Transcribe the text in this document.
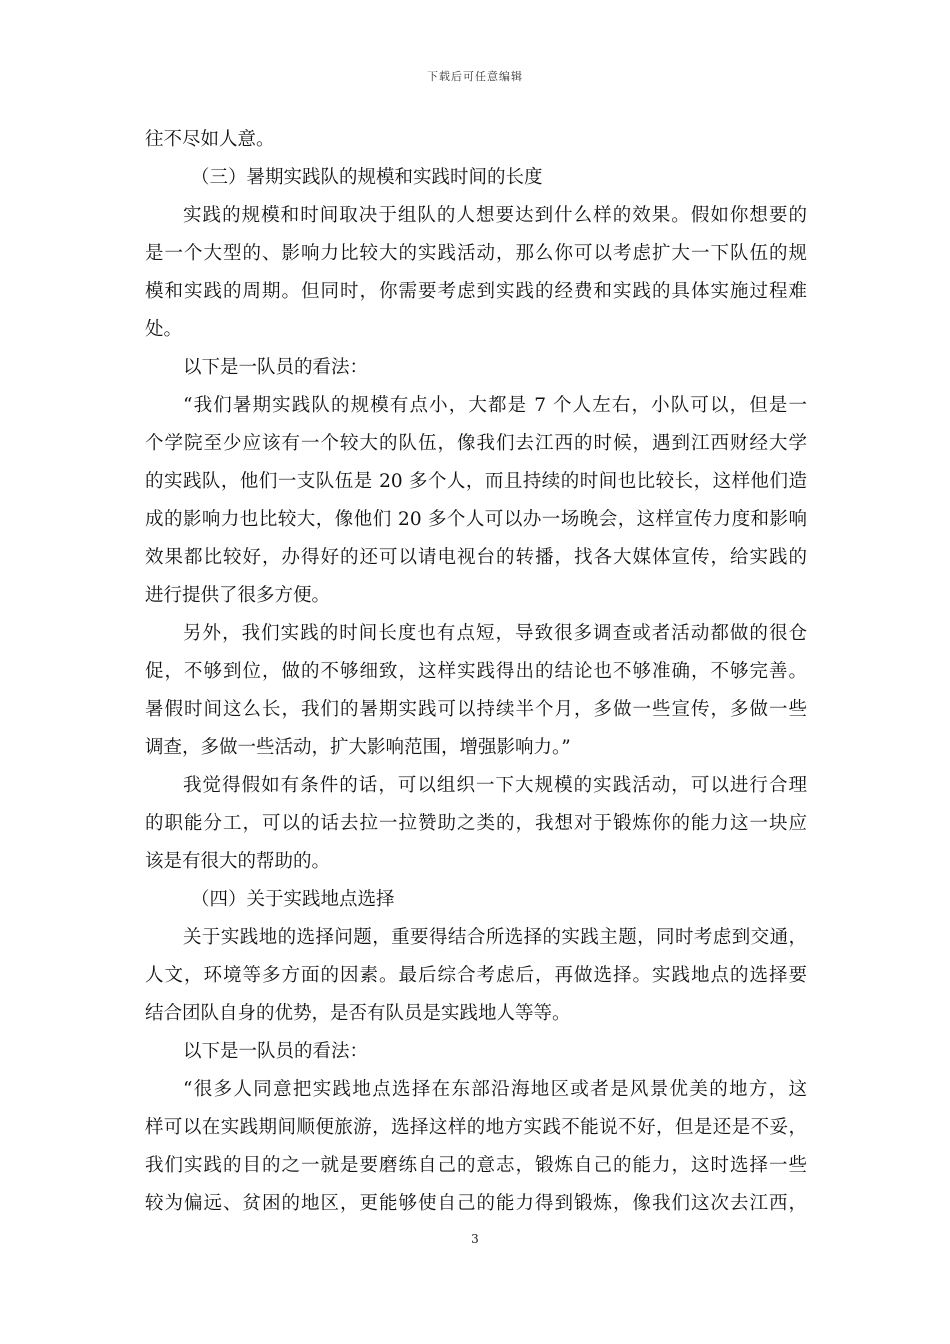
下载后可任意编辑
往不尽如人意。
（三）暑期实践队的规模和实践时间的长度
实践的规模和时间取决于组队的人想要达到什么样的效果。假如你想要的
是一个大型的、影响力比较大的实践活动，那么你可以考虑扩大一下队伍的规
模和实践的周期。但同时，你需要考虑到实践的经费和实践的具体实施过程难
处。
以下是一队员的看法：
“我们暑期实践队的规模有点小，大都是 7 个人左右，小队可以，但是一
个学院至少应该有一个较大的队伍，像我们去江西的时候，遇到江西财经大学
的实践队，他们一支队伍是 20 多个人，而且持续的时间也比较长，这样他们造
成的影响力也比较大，像他们 20 多个人可以办一场晚会，这样宣传力度和影响
效果都比较好，办得好的还可以请电视台的转播，找各大媒体宣传，给实践的
进行提供了很多方便。
另外，我们实践的时间长度也有点短，导致很多调查或者活动都做的很仓
促，不够到位，做的不够细致，这样实践得出的结论也不够准确，不够完善。
暑假时间这么长，我们的暑期实践可以持续半个月，多做一些宣传，多做一些
调查，多做一些活动，扩大影响范围，增强影响力。”
我觉得假如有条件的话，可以组织一下大规模的实践活动，可以进行合理
的职能分工，可以的话去拉一拉赞助之类的，我想对于锻炼你的能力这一块应
该是有很大的帮助的。
（四）关于实践地点选择
关于实践地的选择问题，重要得结合所选择的实践主题，同时考虑到交通，
人文，环境等多方面的因素。最后综合考虑后，再做选择。实践地点的选择要
结合团队自身的优势，是否有队员是实践地人等等。
以下是一队员的看法：
“很多人同意把实践地点选择在东部沿海地区或者是风景优美的地方，这
样可以在实践期间顺便旅游，选择这样的地方实践不能说不好，但是还是不妥，
我们实践的目的之一就是要磨练自己的意志，锻炼自己的能力，这时选择一些
较为偏远、贫困的地区，更能够使自己的能力得到锻炼，像我们这次去江西，
3
